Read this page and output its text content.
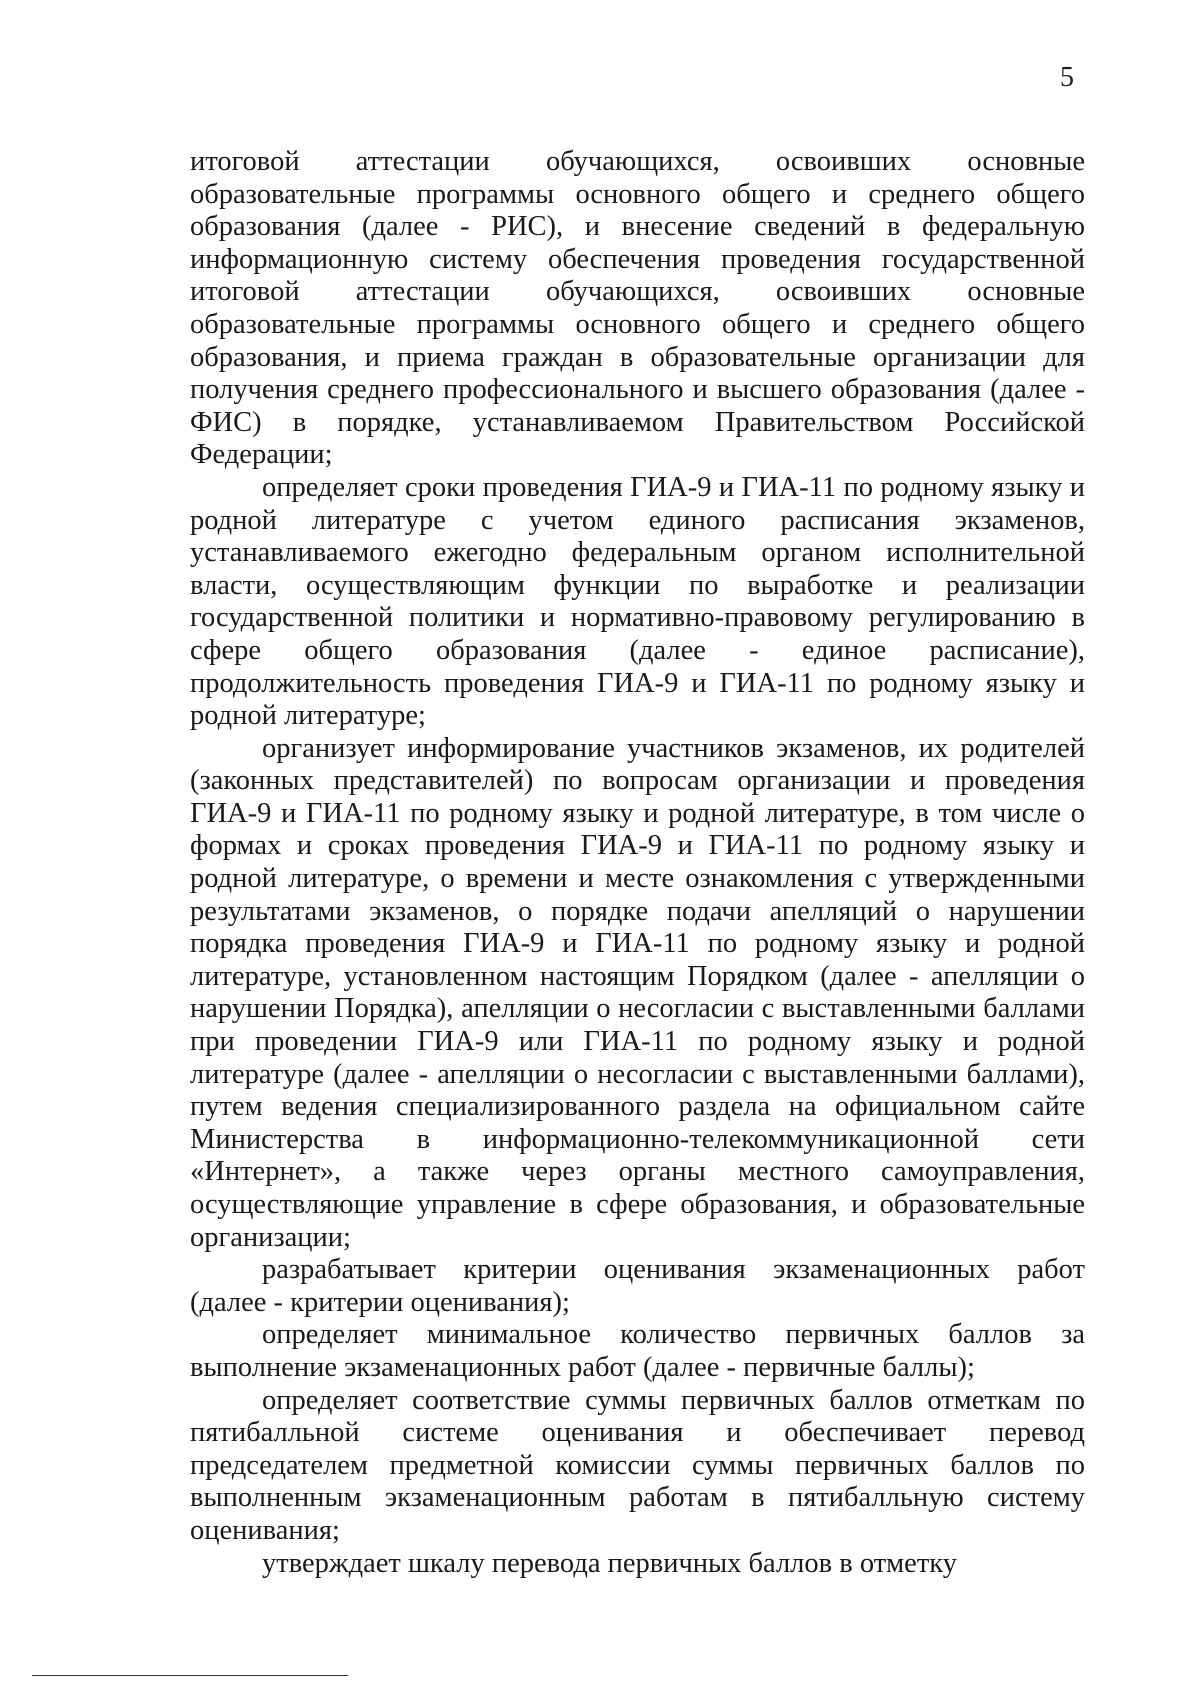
5

итоговой аттестации обучающихся, освоивших основные образовательные программы основного общего и среднего общего образования (далее - РИС), и внесение сведений в федеральную информационную систему обеспечения проведения государственной итоговой аттестации обучающихся, освоивших основные образовательные программы основного общего и среднего общего образования, и приема граждан в образовательные организации для получения среднего профессионального и высшего образования (далее - ФИС) в порядке, устанавливаемом Правительством Российской Федерации;

определяет сроки проведения ГИА-9 и ГИА-11 по родному языку и родной литературе с учетом единого расписания экзаменов, устанавливаемого ежегодно федеральным органом исполнительной власти, осуществляющим функции по выработке и реализации государственной политики и нормативно-правовому регулированию в сфере общего образования (далее - единое расписание), продолжительность проведения ГИА-9 и ГИА-11 по родному языку и родной литературе;

организует информирование участников экзаменов, их родителей (законных представителей) по вопросам организации и проведения ГИА-9 и ГИА-11 по родному языку и родной литературе, в том числе о формах и сроках проведения ГИА-9 и ГИА-11 по родному языку и родной литературе, о времени и месте ознакомления с утвержденными результатами экзаменов, о порядке подачи апелляций о нарушении порядка проведения ГИА-9 и ГИА-11 по родному языку и родной литературе, установленном настоящим Порядком (далее - апелляции о нарушении Порядка), апелляции о несогласии с выставленными баллами при проведении ГИА-9 или ГИА-11 по родному языку и родной литературе (далее - апелляции о несогласии с выставленными баллами), путем ведения специализированного раздела на официальном сайте Министерства в информационно-телекоммуникационной сети «Интернет», а также через органы местного самоуправления, осуществляющие управление в сфере образования, и образовательные организации;

разрабатывает критерии оценивания экзаменационных работ (далее - критерии оценивания);

определяет минимальное количество первичных баллов за выполнение экзаменационных работ (далее - первичные баллы);

определяет соответствие суммы первичных баллов отметкам по пятибалльной системе оценивания и обеспечивает перевод председателем предметной комиссии суммы первичных баллов по выполненным экзаменационным работам в пятибалльную систему оценивания;

утверждает шкалу перевода первичных баллов в отметку
